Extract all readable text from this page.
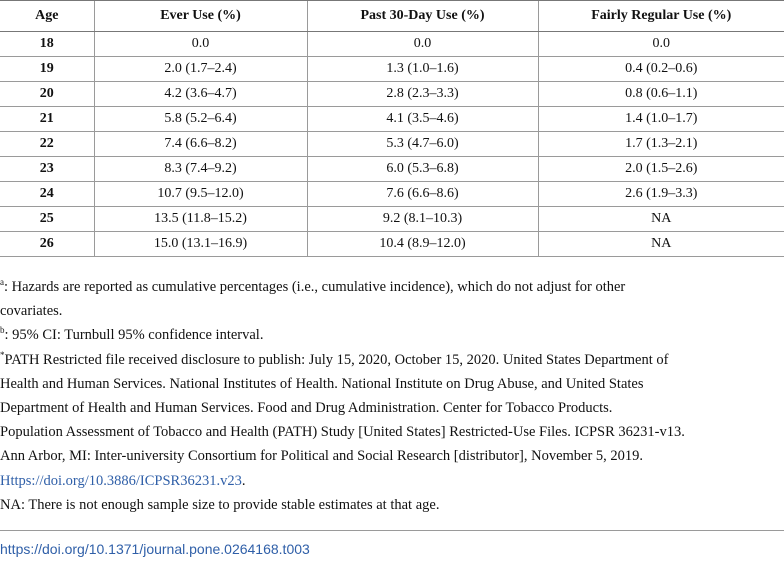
Age	Ever Use (%)	Past 30-Day Use (%)	Fairly Regular Use (%)
18	0.0	0.0	0.0
19	2.0 (1.7–2.4)	1.3 (1.0–1.6)	0.4 (0.2–0.6)
20	4.2 (3.6–4.7)	2.8 (2.3–3.3)	0.8 (0.6–1.1)
21	5.8 (5.2–6.4)	4.1 (3.5–4.6)	1.4 (1.0–1.7)
22	7.4 (6.6–8.2)	5.3 (4.7–6.0)	1.7 (1.3–2.1)
23	8.3 (7.4–9.2)	6.0 (5.3–6.8)	2.0 (1.5–2.6)
24	10.7 (9.5–12.0)	7.6 (6.6–8.6)	2.6 (1.9–3.3)
25	13.5 (11.8–15.2)	9.2 (8.1–10.3)	NA
26	15.0 (13.1–16.9)	10.4 (8.9–12.0)	NA
$^a$: Hazards are reported as cumulative percentages (i.e., cumulative incidence), which do not adjust for other
covariates.
$^b$: 95% CI: Turnbull 95% confidence interval.
*PATH Restricted file received disclosure to publish: July 15, 2020, October 15, 2020. United States Department of
Health and Human Services. National Institutes of Health. National Institute on Drug Abuse, and United States
Department of Health and Human Services. Food and Drug Administration. Center for Tobacco Products.
Population Assessment of Tobacco and Health (PATH) Study [United States] Restricted-Use Files. ICPSR 36231-v13.
Ann Arbor, MI: Inter-university Consortium for Political and Social Research [distributor], November 5, 2019.
Https://doi.org/10.3886/ICPSR36231.v23.
NA: There is not enough sample size to provide stable estimates at that age.
https://doi.org/10.1371/journal.pone.0264168.t003
